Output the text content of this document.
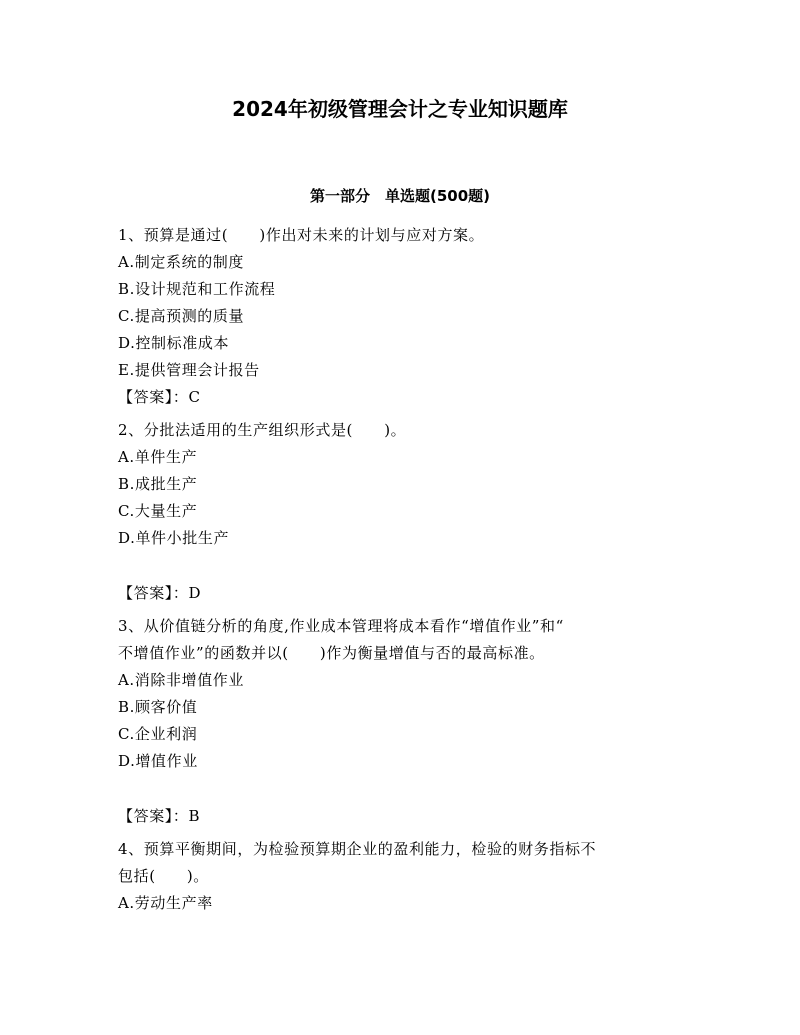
2024年初级管理会计之专业知识题库
第一部分　单选题(500题)

1、预算是通过(　　)作出对未来的计划与应对方案。

A.制定系统的制度

B.设计规范和工作流程

C.提高预测的质量

D.控制标准成本

E.提供管理会计报告

【答案】：C

2、分批法适用的生产组织形式是(　　)。

A.单件生产

B.成批生产

C.大量生产

D.单件小批生产

【答案】：D

3、从价值链分析的角度,作业成本管理将成本看作“增值作业”和“

不增值作业”的函数并以(　　)作为衡量增值与否的最高标准。

A.消除非增值作业

B.顾客价值

C.企业利润

D.增值作业

【答案】：B

4、预算平衡期间，为检验预算期企业的盈利能力，检验的财务指标不

包括(　　)。

A.劳动生产率
